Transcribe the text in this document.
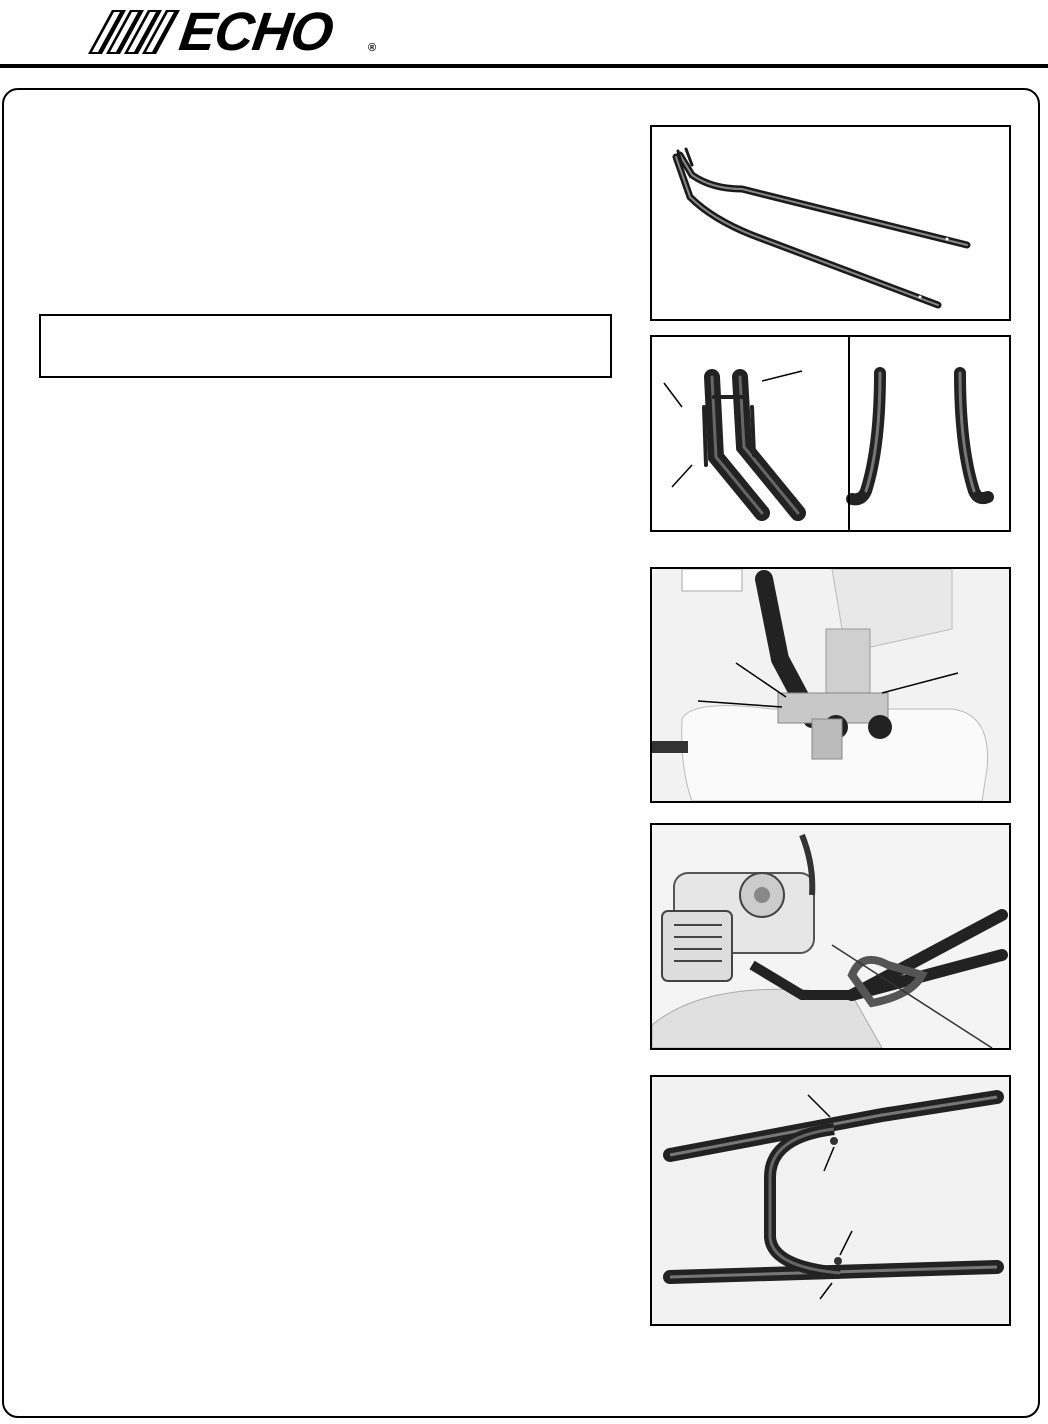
ECHO	®
